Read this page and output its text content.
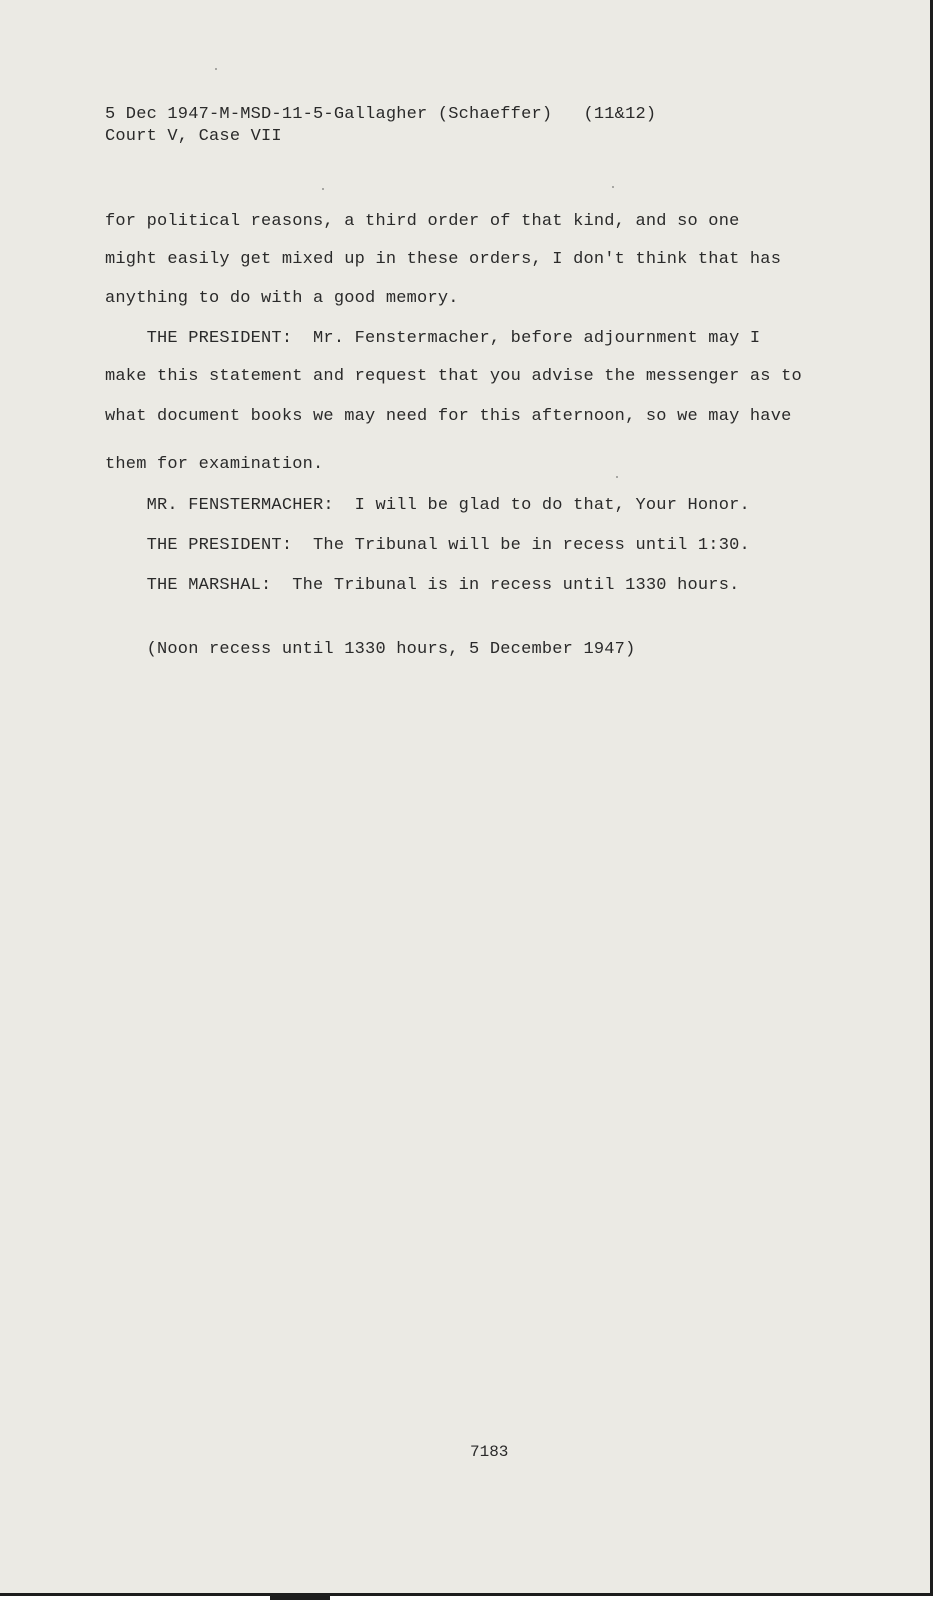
5 Dec 1947-M-MSD-11-5-Gallagher (Schaeffer)   (11&12)
Court V, Case VII
for political reasons, a third order of that kind, and so one
might easily get mixed up in these orders, I don't think that has
anything to do with a good memory.
THE PRESIDENT:  Mr. Fenstermacher, before adjournment may I
make this statement and request that you advise the messenger as to
what document books we may need for this afternoon, so we may have
them for examination.
MR. FENSTERMACHER:  I will be glad to do that, Your Honor.
THE PRESIDENT:  The Tribunal will be in recess until 1:30.
THE MARSHAL:  The Tribunal is in recess until 1330 hours.
(Noon recess until 1330 hours, 5 December 1947)
7183
